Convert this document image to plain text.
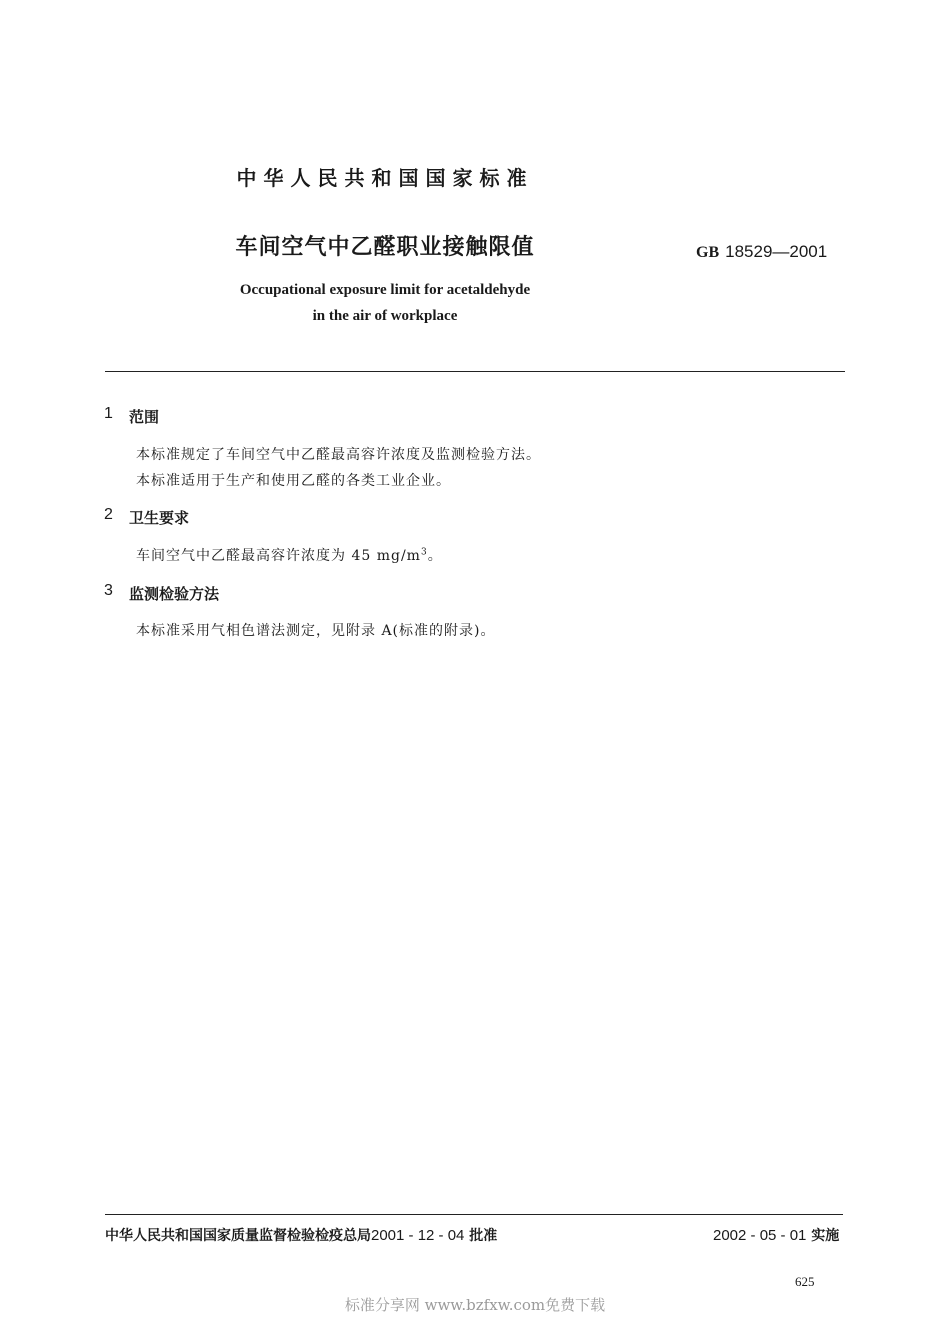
中华人民共和国国家标准
车间空气中乙醛职业接触限值	GB 18529—2001
Occupational exposure limit for acetaldehyde
in the air of workplace
1 范围
本标准规定了车间空气中乙醛最高容许浓度及监测检验方法。
本标准适用于生产和使用乙醛的各类工业企业。
2 卫生要求
车间空气中乙醛最高容许浓度为 45 $mg/m^3$。
3 监测检验方法
本标准采用气相色谱法测定，见附录 A(标准的附录)。
中华人民共和国国家质量监督检验检疫总局2001 - 12 - 04 批准	2002 - 05 - 01 实施
625
标准分享网 www.bzfxw.com免费下载
